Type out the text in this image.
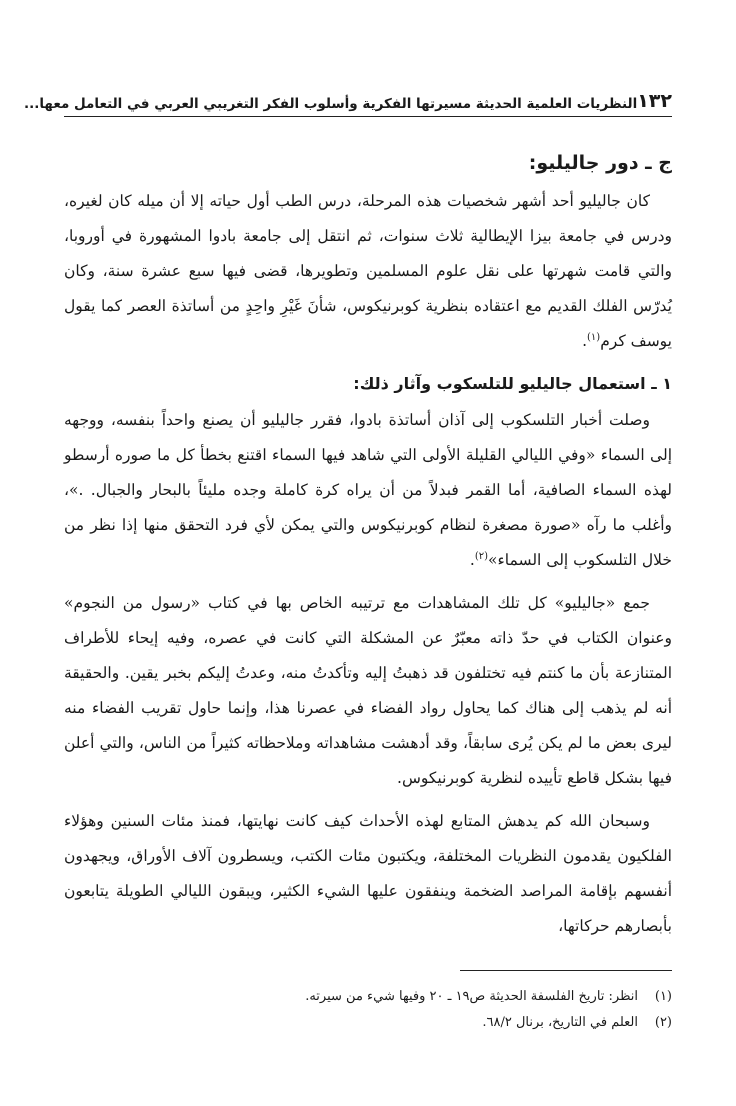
١٣٢
النظريات العلمية الحديثة مسيرتها الفكرية وأسلوب الفكر التغريبي العربي في التعامل معها...
ج ـ دور جاليليو:

كان جاليليو أحد أشهر شخصيات هذه المرحلة، درس الطب أول حياته إلا أن ميله كان لغيره، ودرس في جامعة بيزا الإيطالية ثلاث سنوات، ثم انتقل إلى جامعة بادوا المشهورة في أوروبا، والتي قامت شهرتها على نقل علوم المسلمين وتطويرها، قضى فيها سبع عشرة سنة، وكان يُدرّس الفلك القديم مع اعتقاده بنظرية كوبرنيكوس، شأنَ غَيْرِ واحِدٍ من أساتذة العصر كما يقول يوسف كرم$^{(١)}$.

١ ـ استعمال جاليليو للتلسكوب وآثار ذلك:

وصلت أخبار التلسكوب إلى آذان أساتذة بادوا، فقرر جاليليو أن يصنع واحداً بنفسه، ووجهه إلى السماء «وفي الليالي القليلة الأولى التي شاهد فيها السماء اقتنع بخطأ كل ما صوره أرسطو لهذه السماء الصافية، أما القمر فبدلاً من أن يراه كرة كاملة وجده مليئاً بالبحار والجبال. .»، وأغلب ما رآه «صورة مصغرة لنظام كوبرنيكوس والتي يمكن لأي فرد التحقق منها إذا نظر من خلال التلسكوب إلى السماء»$^{(٢)}$.

جمع «جاليليو» كل تلك المشاهدات مع ترتيبه الخاص بها في كتاب «رسول من النجوم» وعنوان الكتاب في حدّ ذاته معبّرٌ عن المشكلة التي كانت في عصره، وفيه إيحاء للأطراف المتنازعة بأن ما كنتم فيه تختلفون قد ذهبتُ إليه وتأكدتُ منه، وعدتُ إليكم بخبر يقين. والحقيقة أنه لم يذهب إلى هناك كما يحاول رواد الفضاء في عصرنا هذا، وإنما حاول تقريب الفضاء منه ليرى بعض ما لم يكن يُرى سابقاً، وقد أدهشت مشاهداته وملاحظاته كثيراً من الناس، والتي أعلن فيها بشكل قاطع تأييده لنظرية كوبرنيكوس.

وسبحان الله كم يدهش المتابع لهذه الأحداث كيف كانت نهايتها، فمنذ مئات السنين وهؤلاء الفلكيون يقدمون النظريات المختلفة، ويكتبون مئات الكتب، ويسطرون آلاف الأوراق، ويجهدون أنفسهم بإقامة المراصد الضخمة وينفقون عليها الشيء الكثير، ويبقون الليالي الطويلة يتابعون بأبصارهم حركاتها،

(١)
انظر: تاريخ الفلسفة الحديثة ص١٩ ـ ٢٠ وفيها شيء من سيرته.
(٢)
العلم في التاريخ، برنال ٦٨/٢.
